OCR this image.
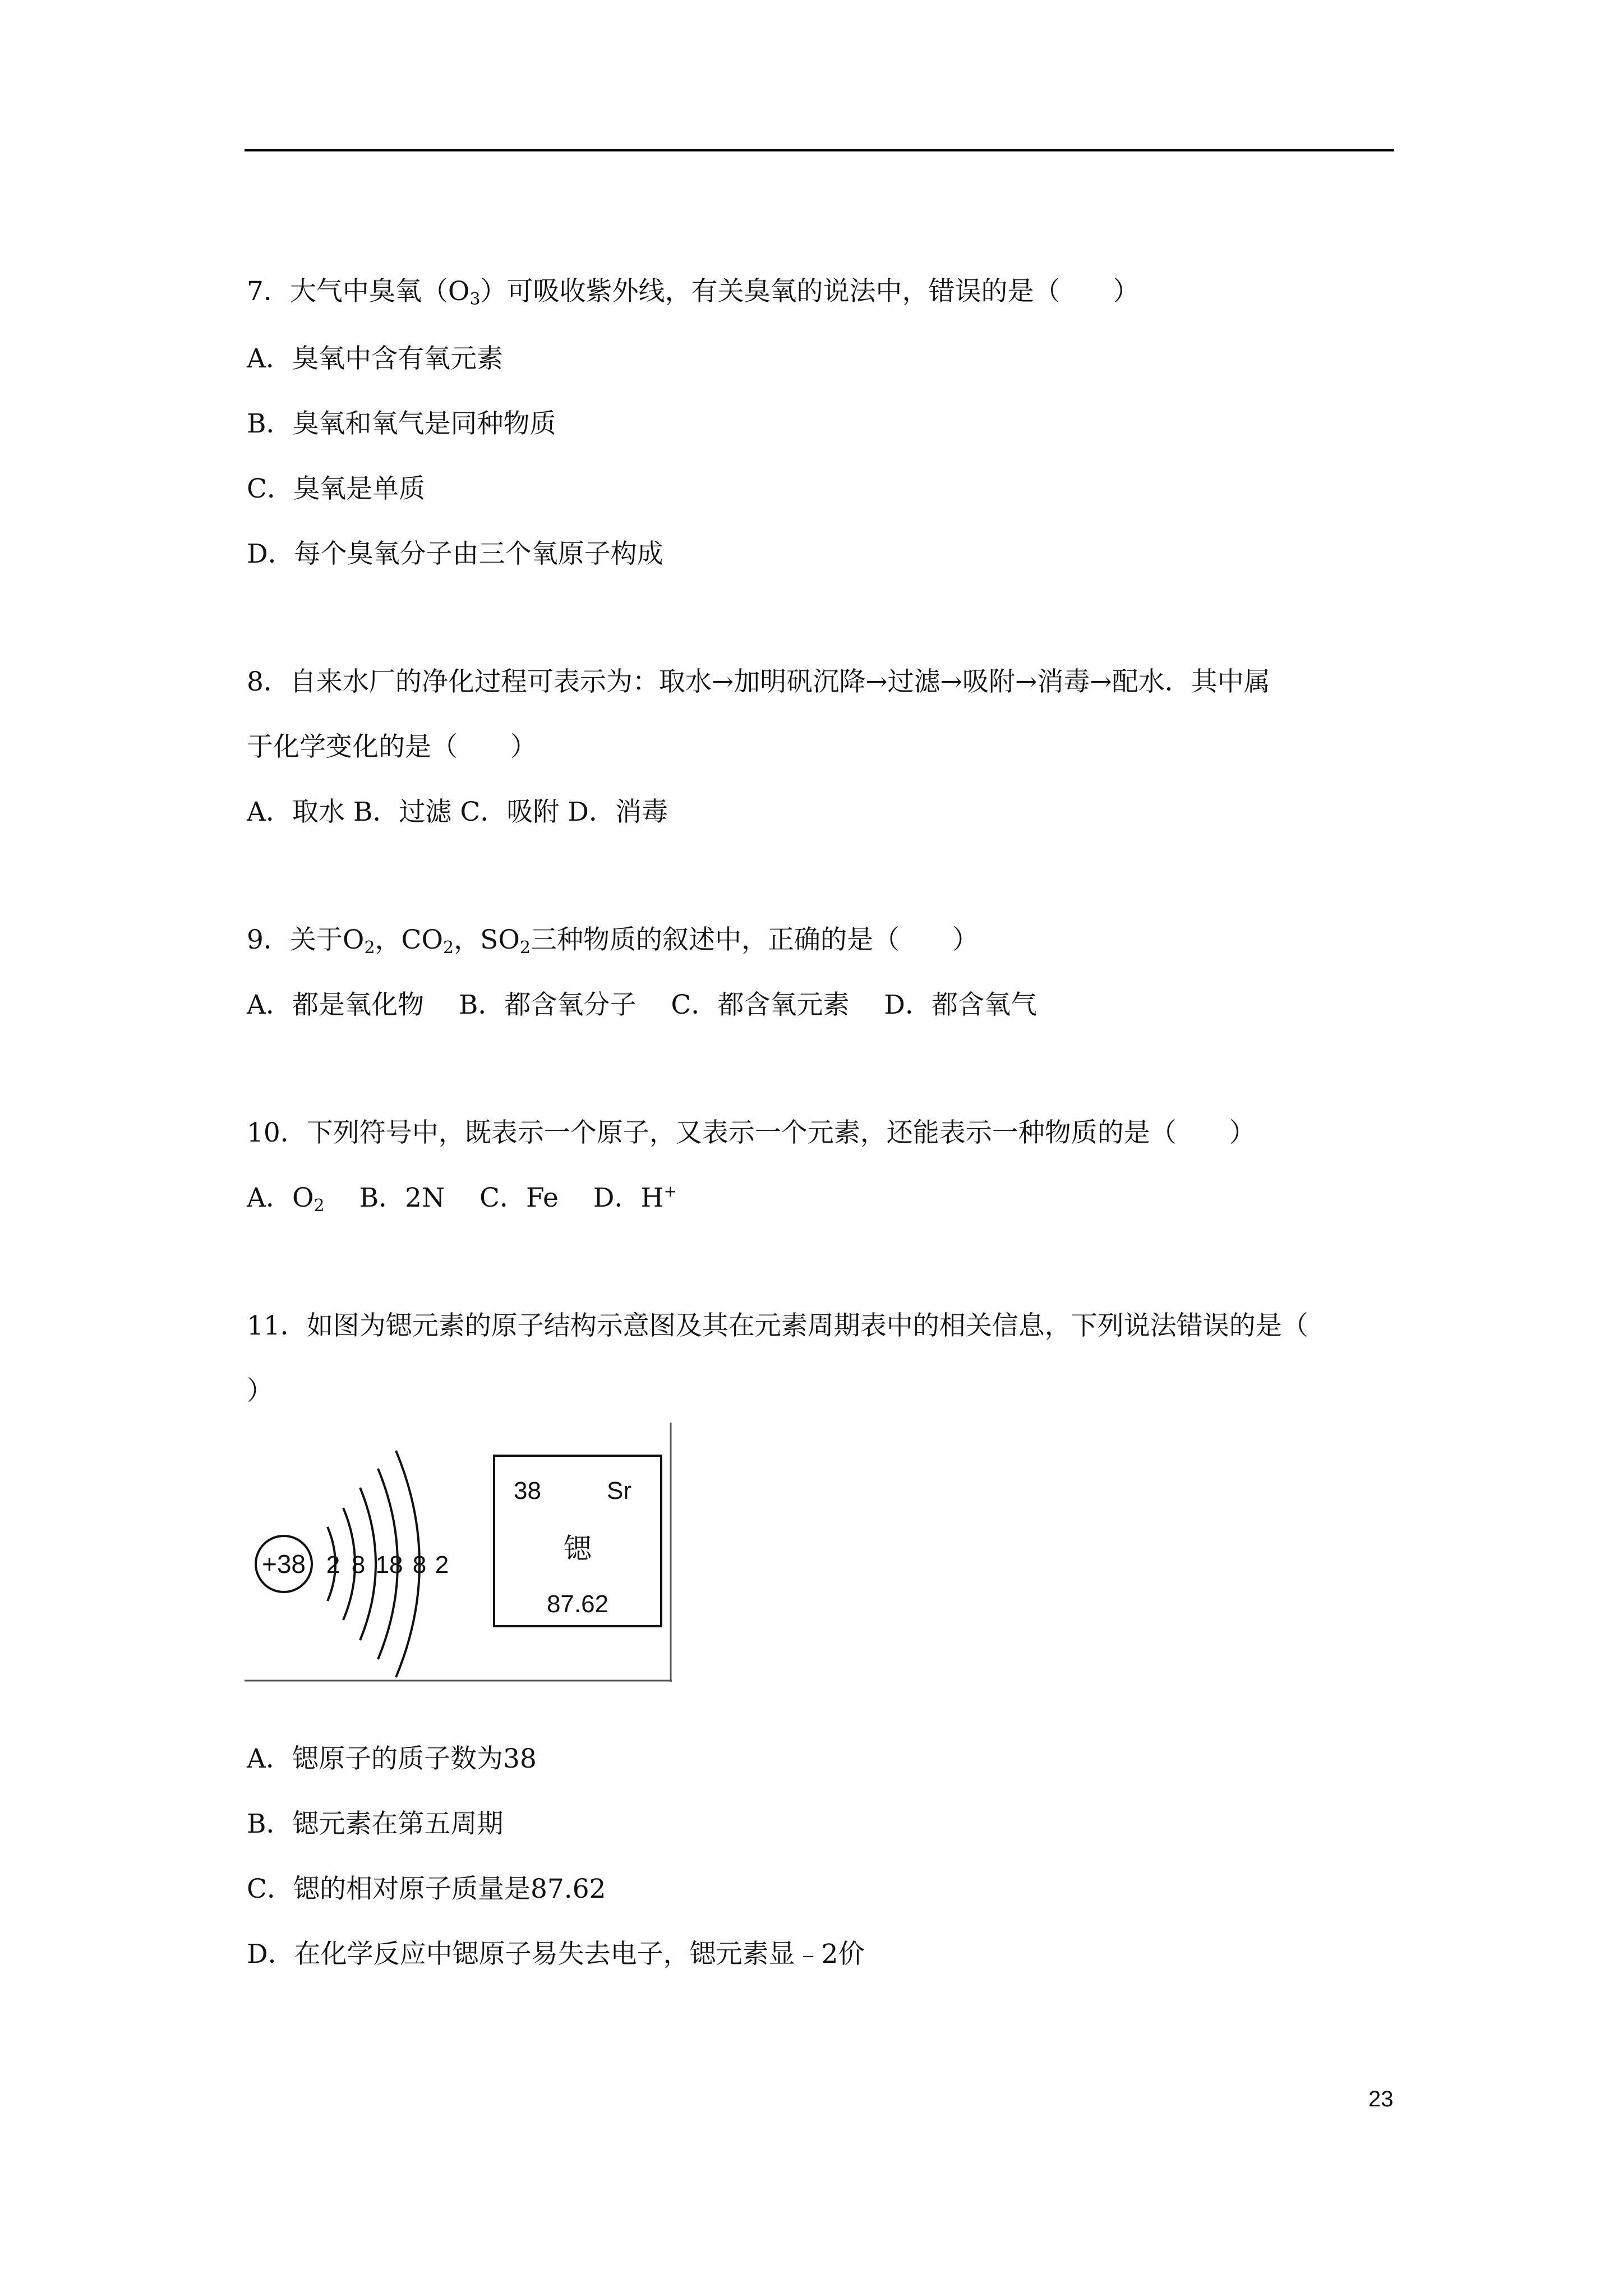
7．大气中臭氧$(O_3)$可吸收紫外线，有关臭氧的说法中，错误的是（　　）

A．臭氧中含有氧元素

B．臭氧和氧气是同种物质

C．臭氧是单质

D．每个臭氧分子由三个氧原子构成

8．自来水厂的净化过程可表示为：取水→加明矾沉降→过滤→吸附→消毒→配水．其中属

于化学变化的是（　　）

A．取水 B．过滤 C．吸附 D．消毒

9．关于$O_2$，$CO_2$，$SO_2$三种物质的叙述中，正确的是（　　）

A．都是氧化物　 B．都含氧分子　 C．都含氧元素　 D．都含氧气

10．下列符号中，既表示一个原子，又表示一个元素，还能表示一种物质的是（　　）

A．$O_2$　 B．2N　 C．Fe　 D．H+

11．如图为锶元素的原子结构示意图及其在元素周期表中的相关信息，下列说法错误的是（

）

+38 2 8 18 8 2
38	Sr
锶
87.62

A．锶原子的质子数为38

B．锶元素在第五周期

C．锶的相对原子质量是87.62

D．在化学反应中锶原子易失去电子，锶元素显﹣2价

23
